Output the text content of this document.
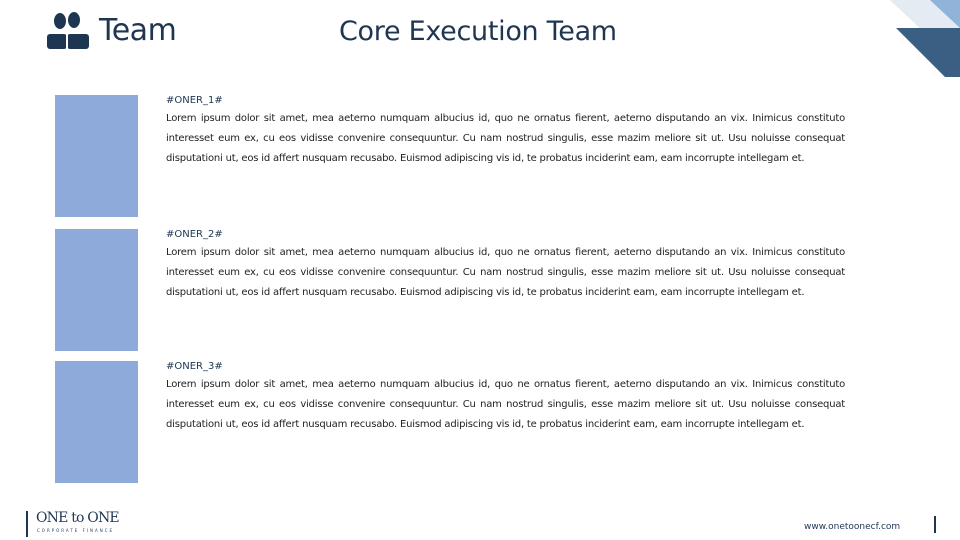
Team	Core Execution Team
#ONER_1#
Lorem ipsum dolor sit amet, mea aeterno numquam albucius id, quo ne ornatus fierent, aeterno disputando an vix. Inimicus constituto interesset eum ex, cu eos vidisse convenire consequuntur. Cu nam nostrud singulis, esse mazim meliore sit ut. Usu noluisse consequat disputationi ut, eos id affert nusquam recusabo. Euismod adipiscing vis id, te probatus inciderint eam, eam incorrupte intellegam et.
#ONER_2#
Lorem ipsum dolor sit amet, mea aeterno numquam albucius id, quo ne ornatus fierent, aeterno disputando an vix. Inimicus constituto interesset eum ex, cu eos vidisse convenire consequuntur. Cu nam nostrud singulis, esse mazim meliore sit ut. Usu noluisse consequat disputationi ut, eos id affert nusquam recusabo. Euismod adipiscing vis id, te probatus inciderint eam, eam incorrupte intellegam et.
#ONER_3#
Lorem ipsum dolor sit amet, mea aeterno numquam albucius id, quo ne ornatus fierent, aeterno disputando an vix. Inimicus constituto interesset eum ex, cu eos vidisse convenire consequuntur. Cu nam nostrud singulis, esse mazim meliore sit ut. Usu noluisse consequat disputationi ut, eos id affert nusquam recusabo. Euismod adipiscing vis id, te probatus inciderint eam, eam incorrupte intellegam et.
ONE to ONE
CORPORATE FINANCE	www.onetoonecf.com
